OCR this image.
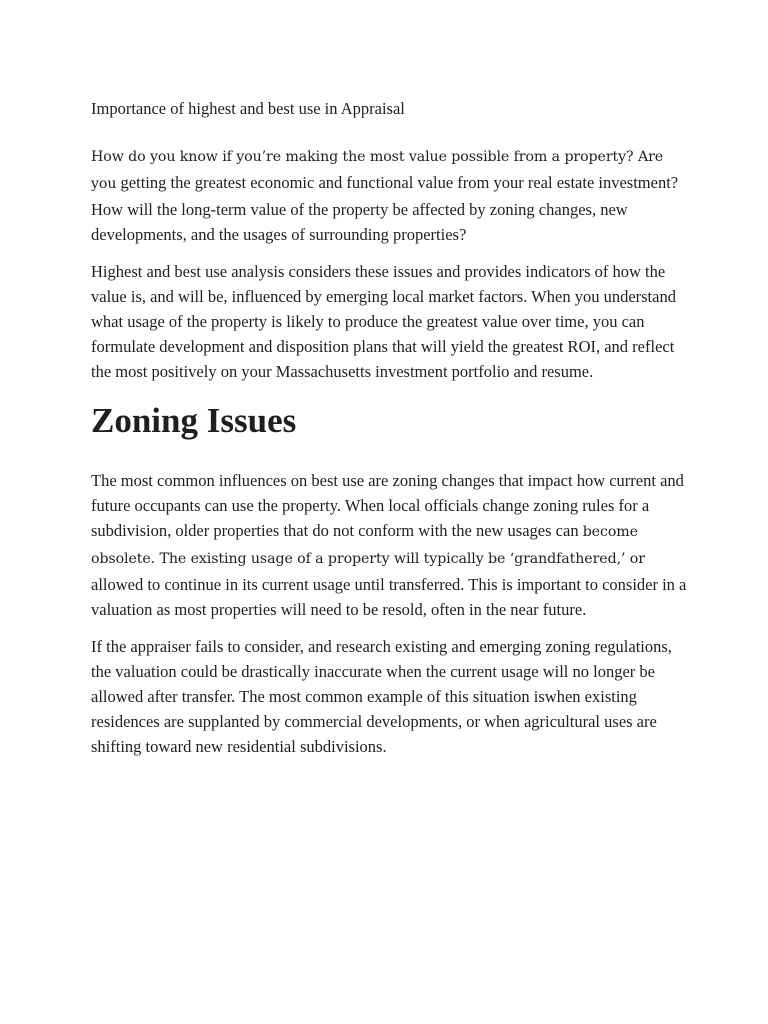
Importance of highest and best use in Appraisal

How do you know if you’re making the most value possible from a property? Are you getting the greatest economic and functional value from your real estate investment? How will the long-term value of the property be affected by zoning changes, new developments, and the usages of surrounding properties?

Highest and best use analysis considers these issues and provides indicators of how the value is, and will be, influenced by emerging local market factors. When you understand what usage of the property is likely to produce the greatest value over time, you can formulate development and disposition plans that will yield the greatest ROI, and reflect the most positively on your Massachusetts investment portfolio and resume.

Zoning Issues

The most common influences on best use are zoning changes that impact how current and future occupants can use the property. When local officials change zoning rules for a subdivision, older properties that do not conform with the new usages can become obsolete. The existing usage of a property will typically be ‘grandfathered,’ or allowed to continue in its current usage until transferred. This is important to consider in a valuation as most properties will need to be resold, often in the near future.

If the appraiser fails to consider, and research existing and emerging zoning regulations, the valuation could be drastically inaccurate when the current usage will no longer be allowed after transfer. The most common example of this situation iswhen existing residences are supplanted by commercial developments, or when agricultural uses are shifting toward new residential subdivisions.
